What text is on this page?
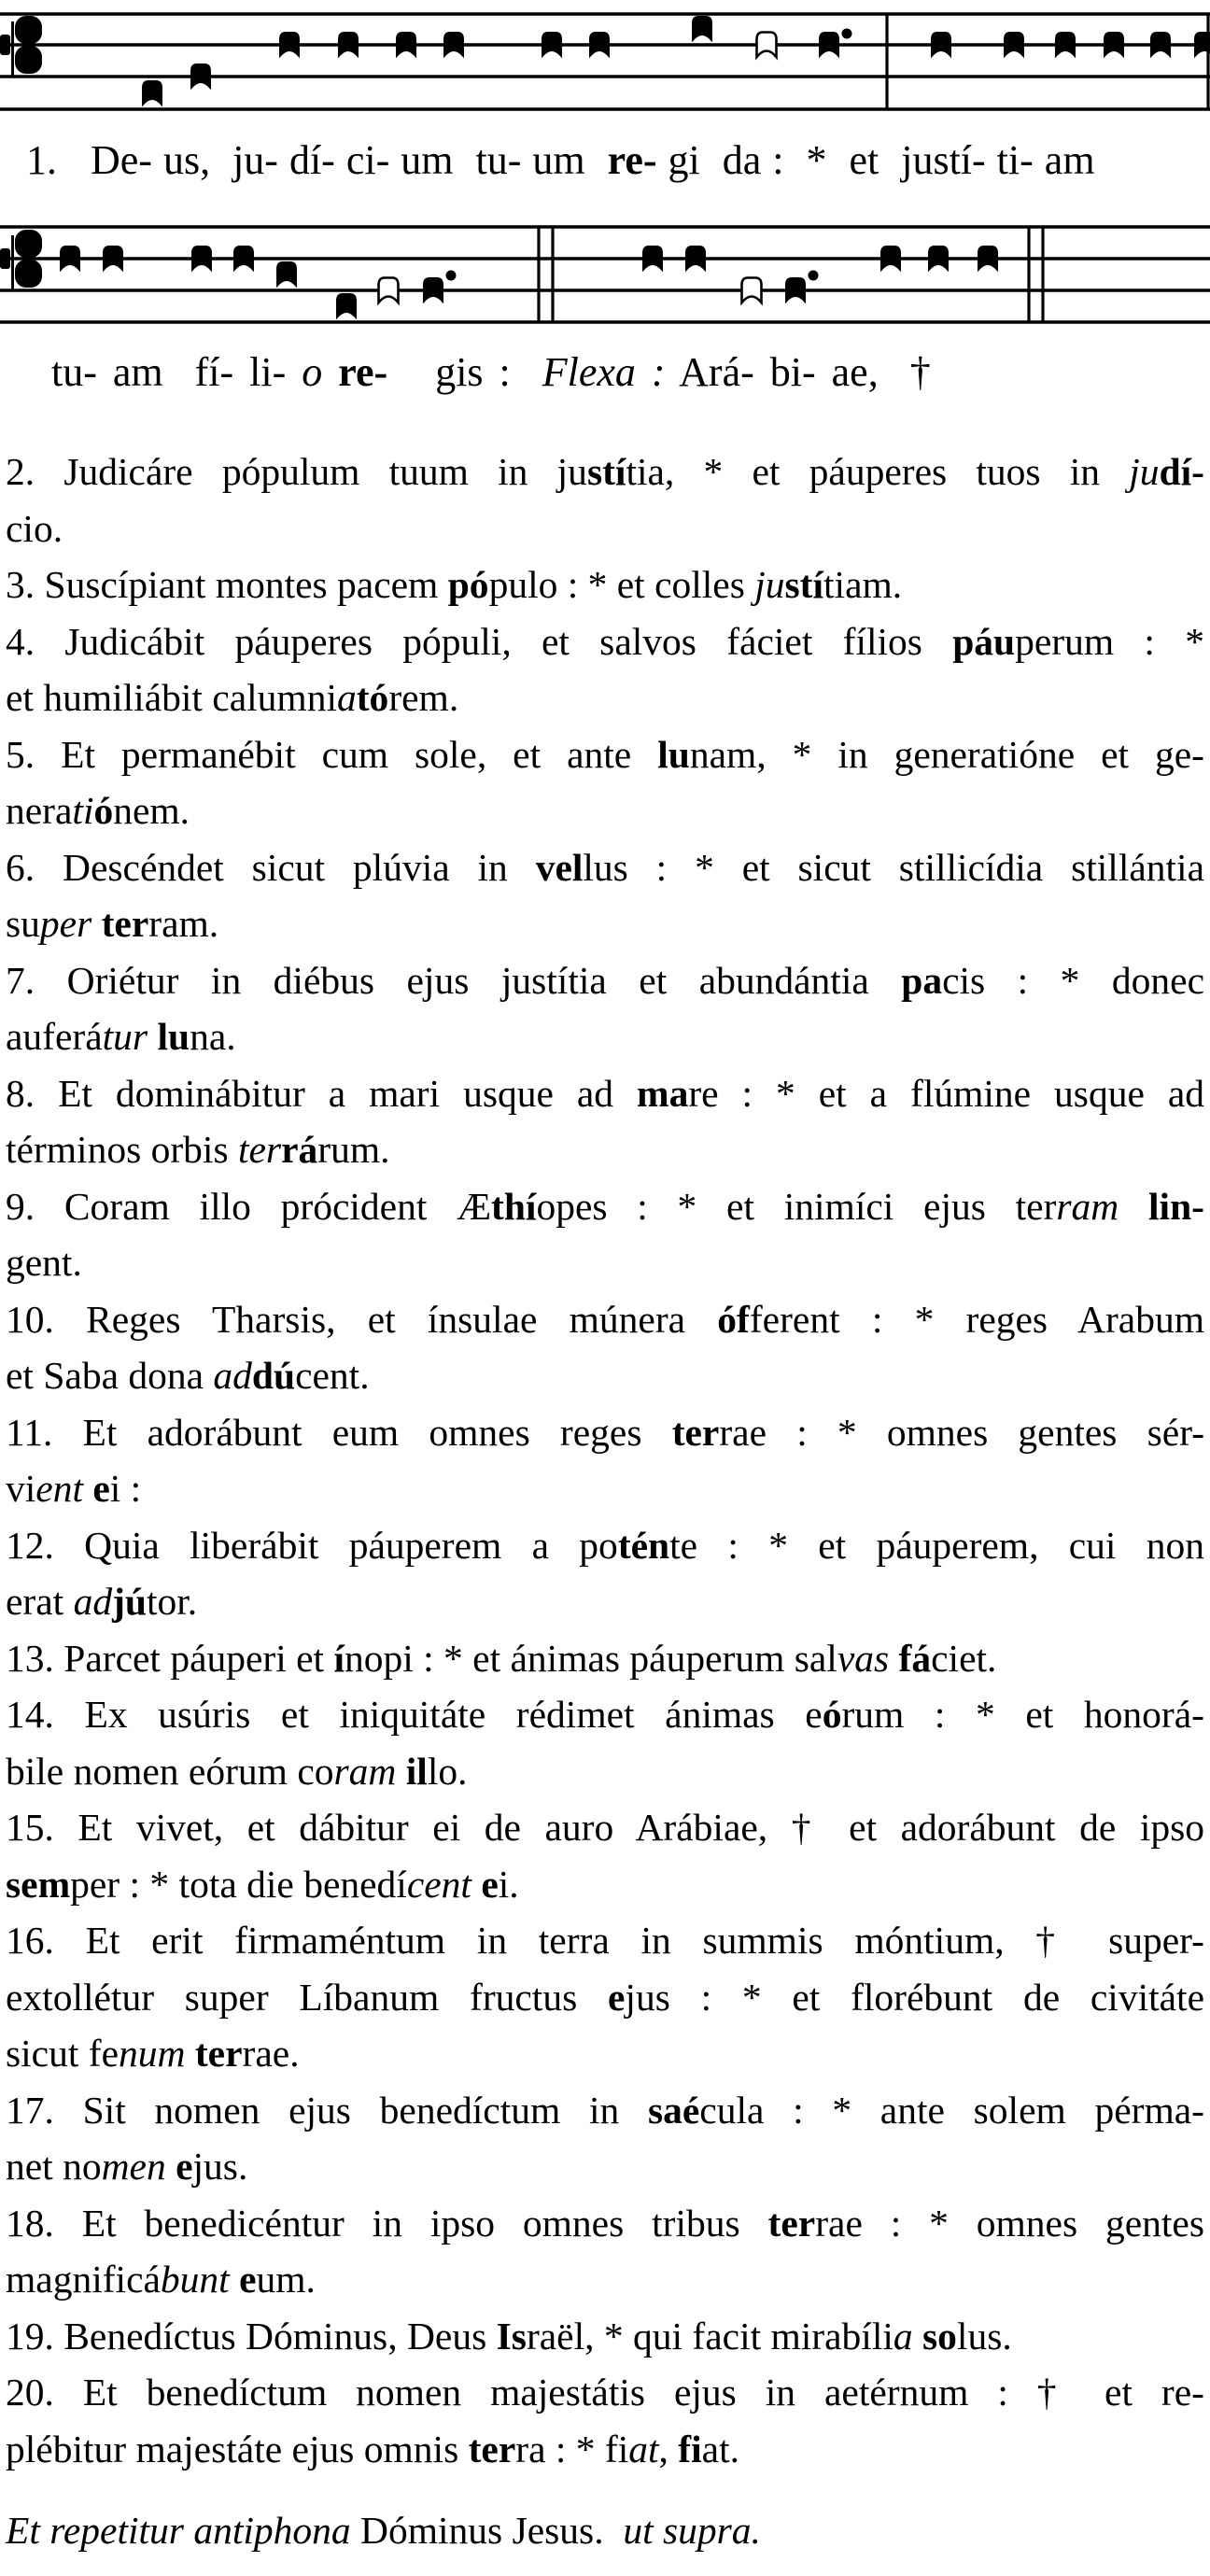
1.   De- us,  ju- dí- ci- um  tu- um  re- gi  da :  *  et  justí- ti- am
tu- am  fí- li- o re-   gis :  Flexa : Ará- bi- ae,  †

2. Judicáre pópulum tuum in justítia, * et páuperes tuos in judí-
cio.

3. Suscípiant montes pacem pópulo : * et colles justítiam.

4. Judicábit páuperes pópuli, et salvos fáciet fílios páuperum : *
et humiliábit calumniatórem.

5. Et permanébit cum sole, et ante lunam, * in generatióne et ge-
neratiónem.

6. Descéndet sicut plúvia in vellus : * et sicut stillicídia stillántia
super terram.

7. Oriétur in diébus ejus justítia et abundántia pacis : * donec
auferátur luna.

8. Et dominábitur a mari usque ad mare : * et a flúmine usque ad
términos orbis terrárum.

9. Coram illo prócident Æthíopes : * et inimíci ejus terram lin-
gent.

10. Reges Tharsis, et ínsulae múnera ófferent : * reges Arabum
et Saba dona addúcent.

11. Et adorábunt eum omnes reges terrae : * omnes gentes sér-
vient ei :

12. Quia liberábit páuperem a poténte : * et páuperem, cui non
erat adjútor.

13. Parcet páuperi et ínopi : * et ánimas páuperum salvas fáciet.

14. Ex usúris et iniquitáte rédimet ánimas eórum : * et honorá-
bile nomen eórum coram illo.

15. Et vivet, et dábitur ei de auro Arábiae, † et adorábunt de ipso
semper : * tota die benedícent ei.

16. Et erit firmaméntum in terra in summis móntium, † super-
extollétur super Líbanum fructus ejus : * et florébunt de civitáte
sicut fenum terrae.

17. Sit nomen ejus benedíctum in saécula : * ante solem pérma-
net nomen ejus.

18. Et benedicéntur in ipso omnes tribus terrae : * omnes gentes
magnificábunt eum.

19. Benedíctus Dóminus, Deus Israël, * qui facit mirabília solus.

20. Et benedíctum nomen majestátis ejus in aetérnum : † et re-
plébitur majestáte ejus omnis terra : * fiat, fiat.

Et repetitur antiphona Dóminus Jesus.  ut supra.
